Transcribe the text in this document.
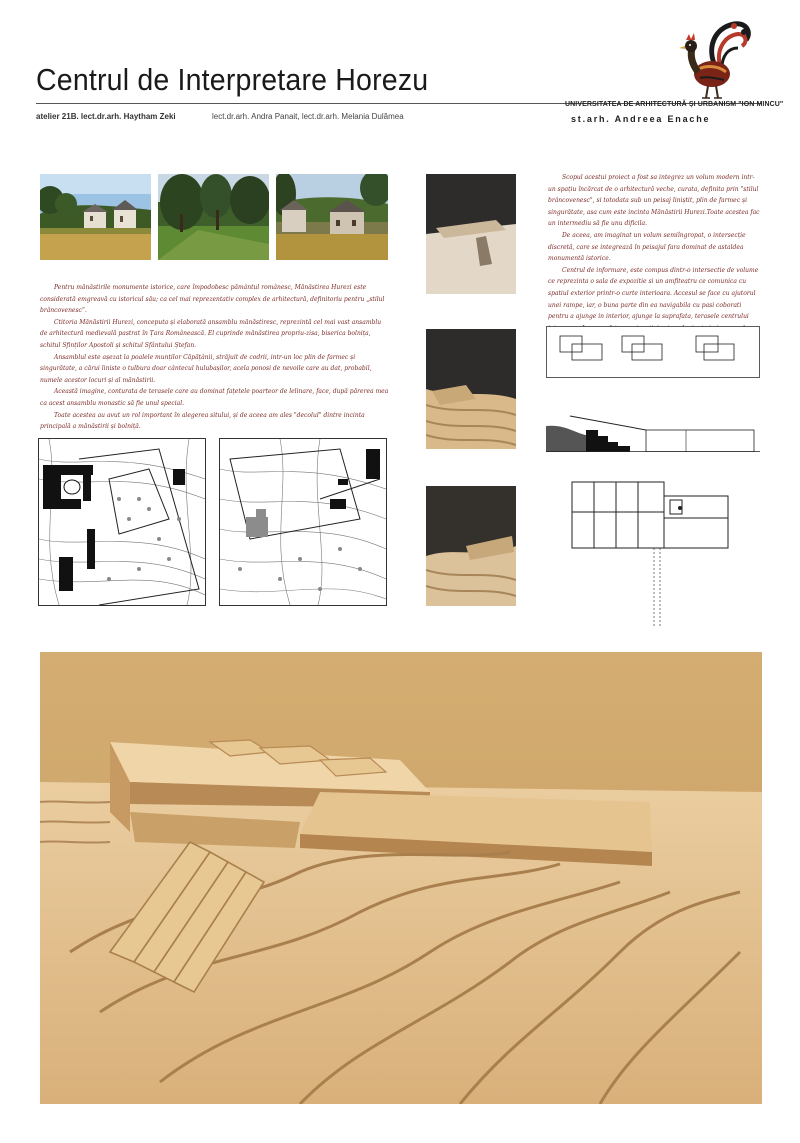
Centrul de Interpretare Horezu
atelier 21B. lect.dr.arh. Haytham Zeki	lect.dr.arh. Andra Panait, lect.dr.arh. Melania Dulămea
UNIVERSITATEA DE ARHITECTURĂ ȘI URBANISM "ION MINCU"
st.arh. Andreea Enache

Pentru mănăstirile monumente istorice, care împodobesc pământul românesc, Mănăstirea Hurezi este considerată emgreavă cu istoricul său; ca cel mai reprezentativ complex de arhitectură, definitoriu pentru „stilul brâncovenesc”.

Ctitoria Mănăstirii Hurezi, conceputa și elaborată ansamblu mănăstiresc, reprezintă cel mai vast ansamblu de arhitectură medievală pastrat în Țara Românească. El cuprinde mănăstirea propriu-zisa, biserica bolnița, schitul Sfinților Apostoli și schitul Sfântului Ștefan.

Ansamblul este așezat la poalele munților Căpățânii, străjuit de codrii, intr-un loc plin de farmec și singurătate, a cărui liniste o tulbura doar cântecul hulubașilor, acela ponosi de nevoile care au dat, probabil, numele acestor locuri și al mănăstirii.

Această imagine, conturata de terasele care au dominat fațetele poarteor de lelinare, face, după părerea mea ca acest ansamblu monastic să fie unul special.

Toate acestea au avut un rol important în alegerea sitului, și de aceea am ales "decolul" dintre incinta principală a mănăstirii și bolniță.

Scopul acestui proiect a fost sa integrez un volum modern intr-un spațiu încărcat de o arhitectură veche, curata, definita prin "stilul brâncovenesc", si totodata sub un peisaj liniștit, plin de farmec și singurătate, asa cum este incinta Mănăstirii Hurezi.Toate acestea fac un intermediu să fie unu dificila.

De aceea, am imaginat un volum semiîngropat, o intersecție discretă, care se integrează în peisajul fara dominat de astaldea monumentă istorice.

Centrul de informare, este compus dintr-o intersectie de volume ce reprezinta o sala de expozitie si un amfiteatru ce comunica cu spatiul exterior printr-o curte interioara. Accesul se face cu ajutorul unei rampe, iar, o buna parte din ea navigabila cu pasi coborati pentru a ajunge in interior, ajunge la suprafata, terasele centrului
